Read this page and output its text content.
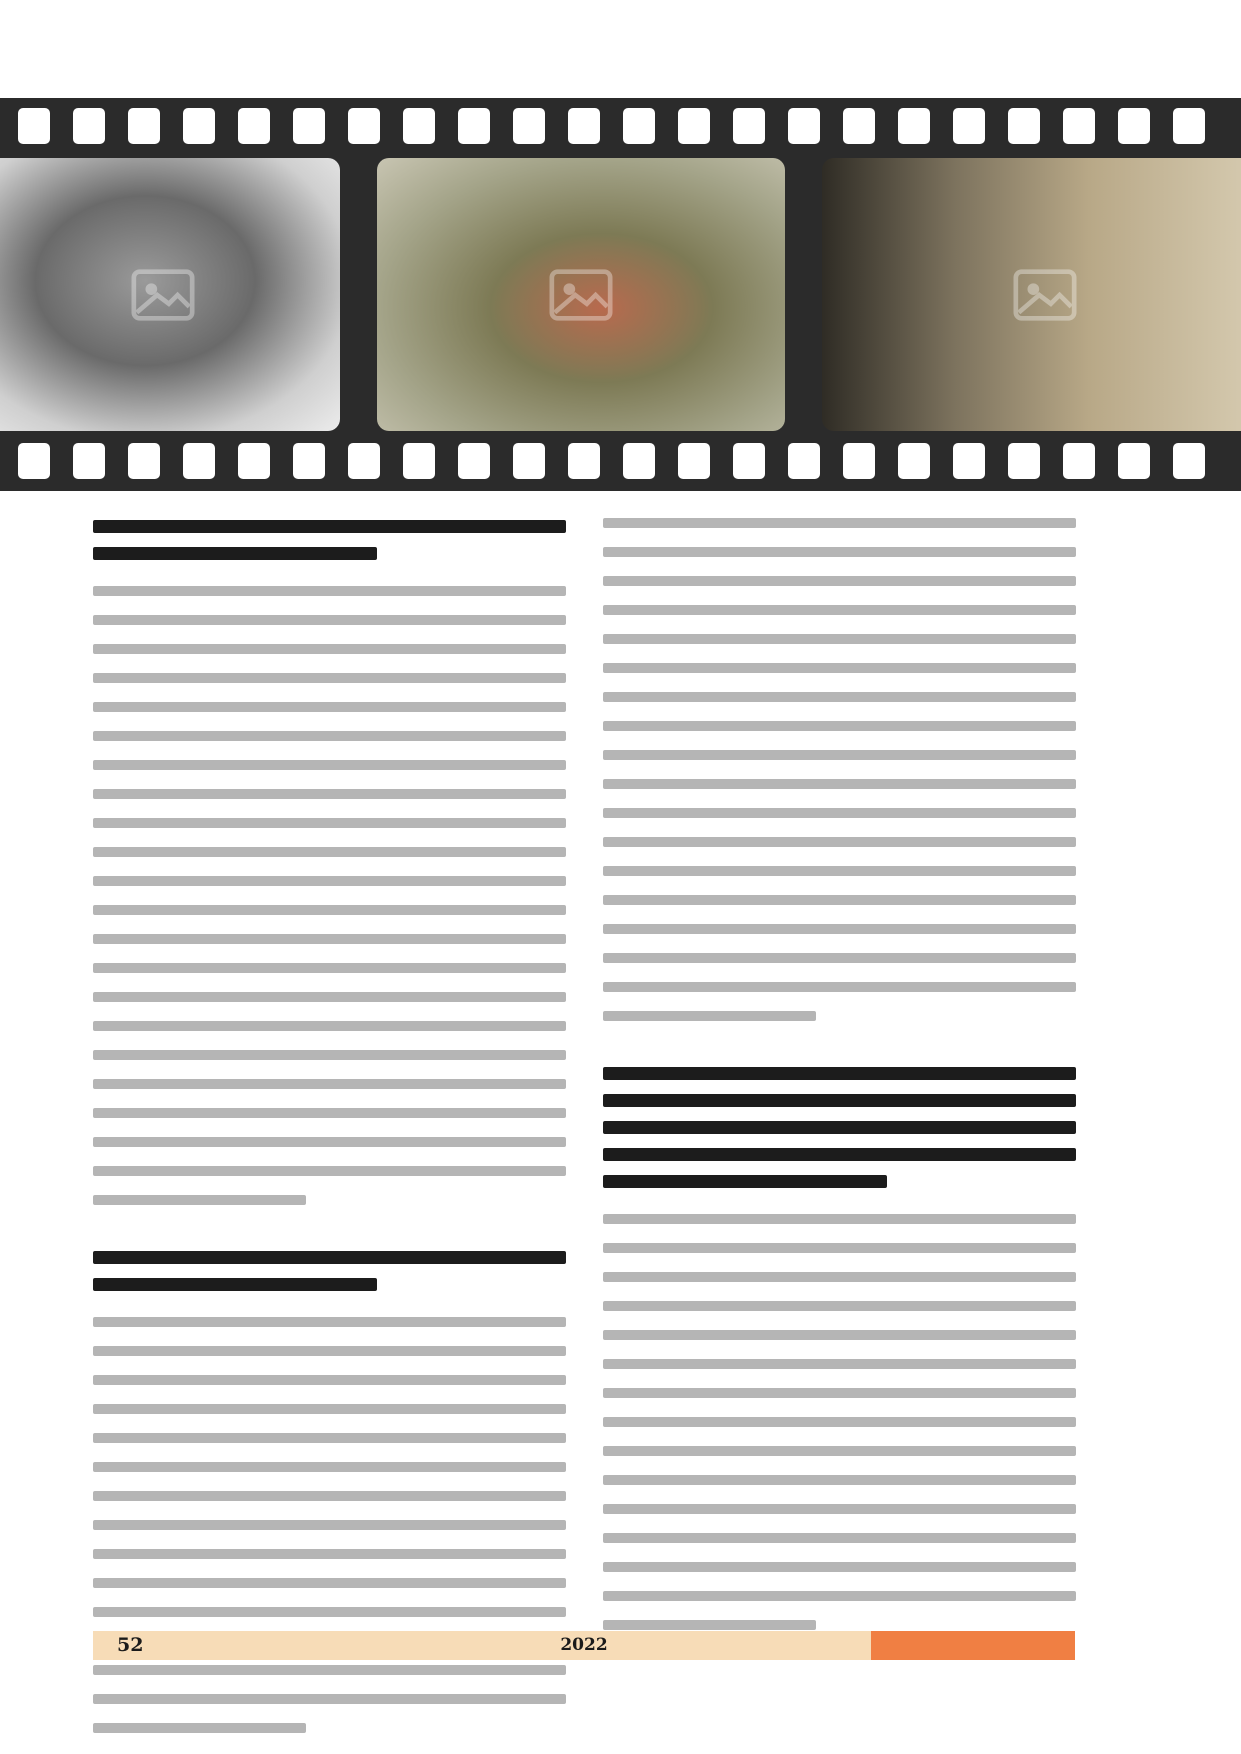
52	2022
